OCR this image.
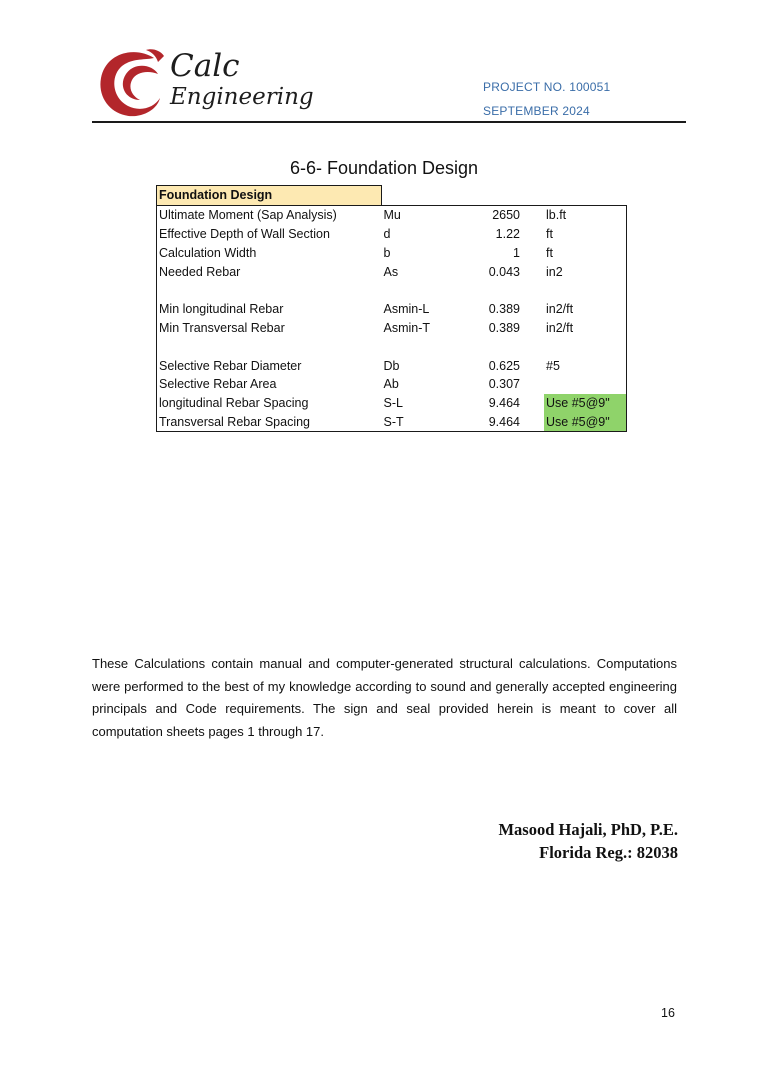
Calc
Engineering	PROJECT NO. 100051
SEPTEMBER 2024
6-6- Foundation Design
Foundation Design			
Ultimate Moment (Sap Analysis)	Mu	2650	lb.ft
Effective Depth of Wall Section	d	1.22	ft
Calculation Width	b	1	ft
Needed Rebar	As	0.043	in2

Min longitudinal Rebar	Asmin-L	0.389	in2/ft
Min Transversal Rebar	Asmin-T	0.389	in2/ft

Selective Rebar Diameter	Db	0.625	#5
Selective Rebar Area	Ab	0.307	
longitudinal Rebar Spacing	S-L	9.464	Use #5@9"
Transversal Rebar Spacing	S-T	9.464	Use #5@9"
These Calculations contain manual and computer-generated structural calculations. Computations were performed to the best of my knowledge according to sound and generally accepted engineering principals and Code requirements. The sign and seal provided herein is meant to cover all computation sheets pages 1 through 17.
Masood Hajali, PhD, P.E.
Florida Reg.: 82038
16
